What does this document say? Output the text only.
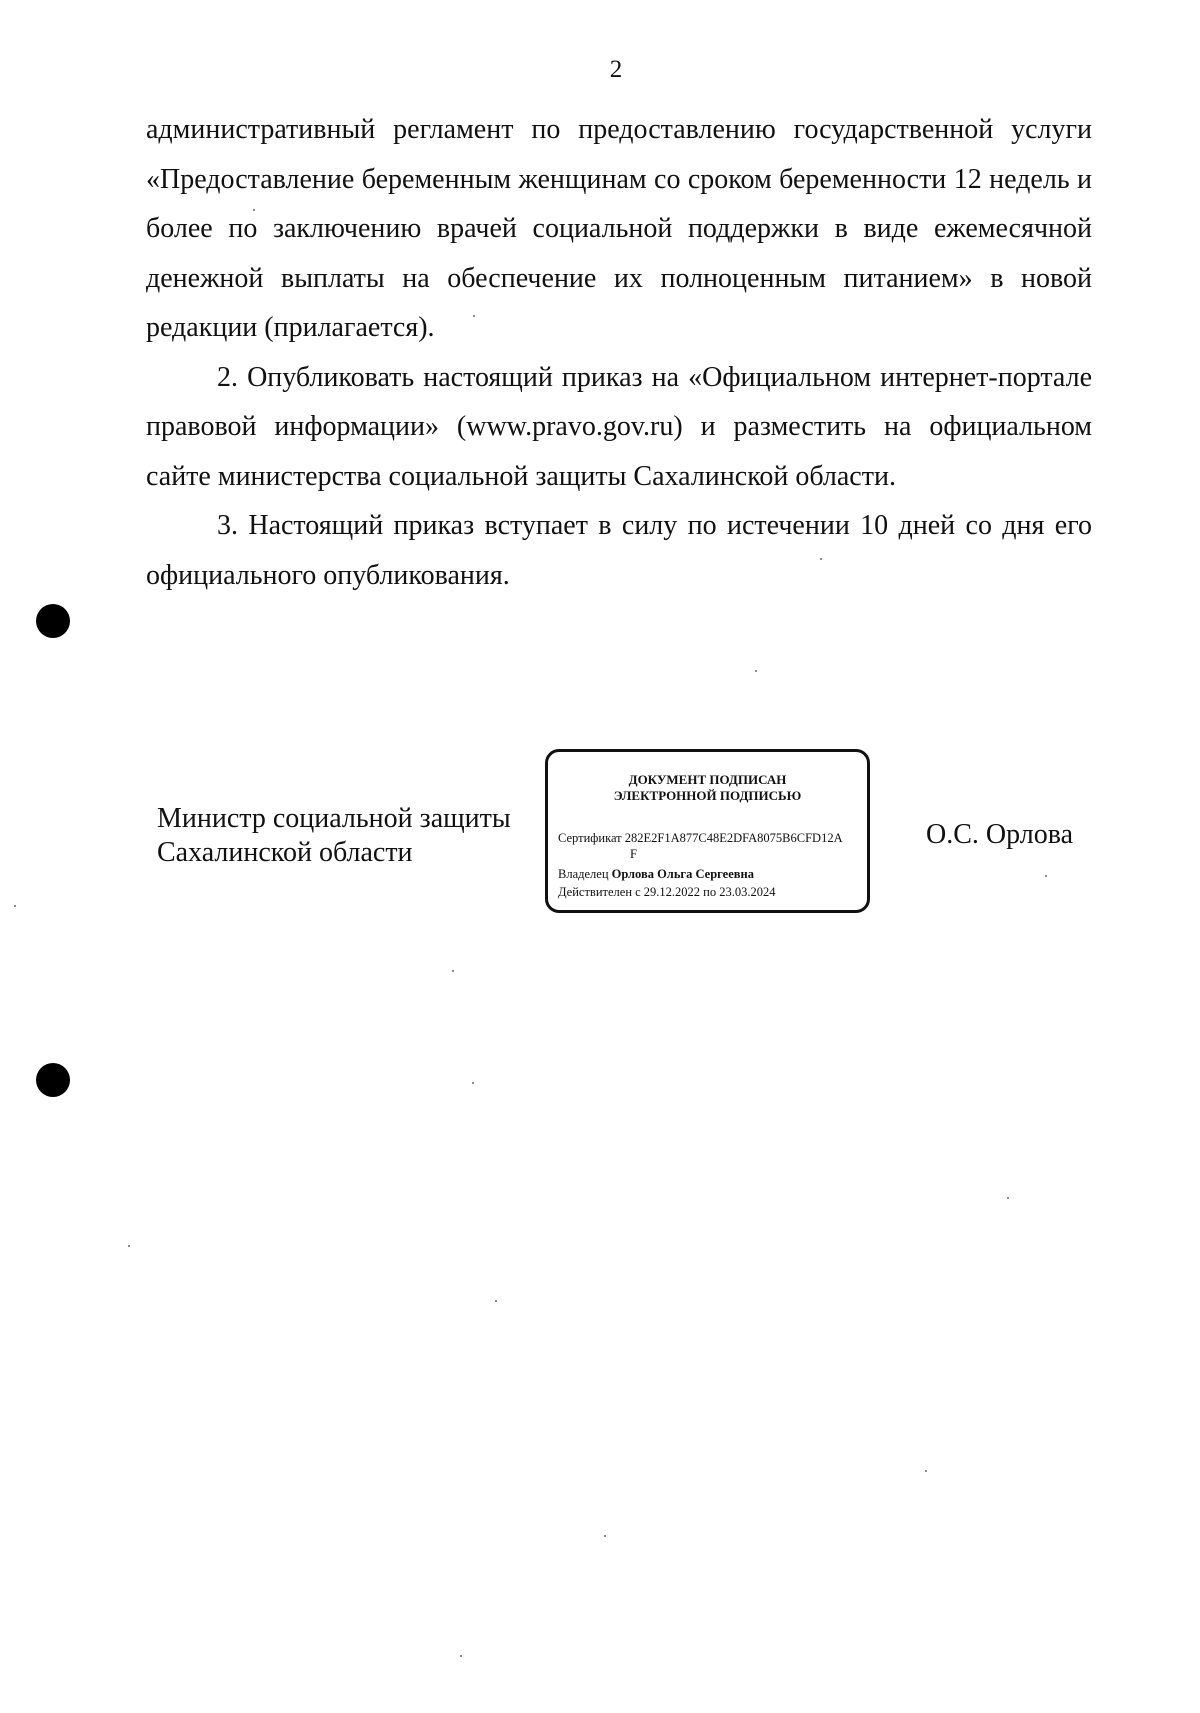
2

административный регламент по предоставлению государственной услуги «Предоставление беременным женщинам со сроком беременности 12 недель и более по заключению врачей социальной поддержки в виде ежемесячной денежной выплаты на обеспечение их полноценным питанием» в новой редакции (прилагается).

2. Опубликовать настоящий приказ на «Официальном интернет-портале правовой информации» (www.pravo.gov.ru) и разместить на официальном сайте министерства социальной защиты Сахалинской области.

3. Настоящий приказ вступает в силу по истечении 10 дней со дня его официального опубликования.

Министр социальной защиты
Сахалинской области
ДОКУМЕНТ ПОДПИСАН
ЭЛЕКТРОННОЙ ПОДПИСЬЮ
Сертификат 282E2F1A877C48E2DFA8075B6CFD12A
F
Владелец Орлова Ольга Сергеевна
Действителен с 29.12.2022 по 23.03.2024
О.С. Орлова
